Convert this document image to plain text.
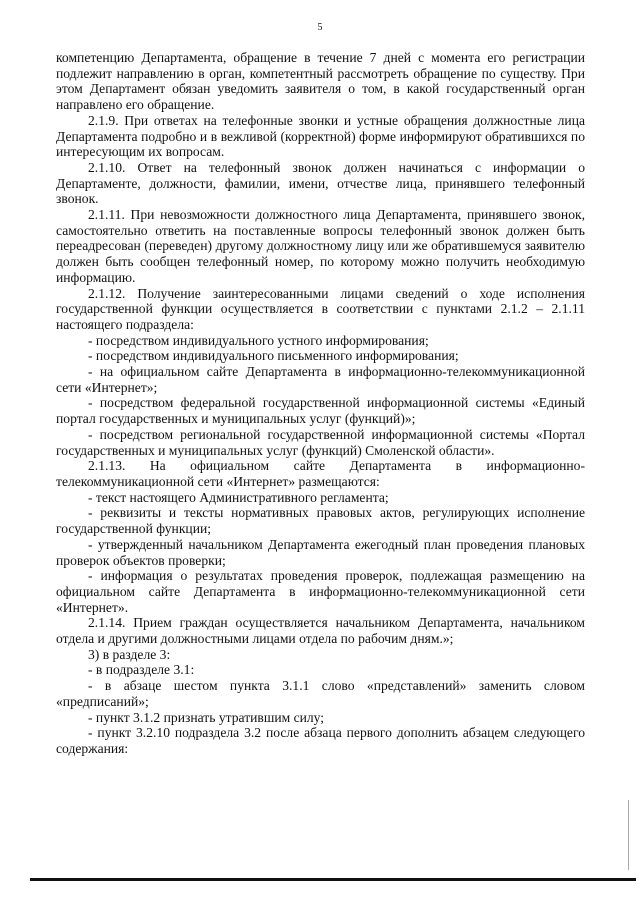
5

компетенцию Департамента, обращение в течение 7 дней с момента его регистрации подлежит направлению в орган, компетентный рассмотреть обращение по существу. При этом Департамент обязан уведомить заявителя о том, в какой государственный орган направлено его обращение.

2.1.9. При ответах на телефонные звонки и устные обращения должностные лица Департамента подробно и в вежливой (корректной) форме информируют обратившихся по интересующим их вопросам.

2.1.10. Ответ на телефонный звонок должен начинаться с информации о Департаменте, должности, фамилии, имени, отчестве лица, принявшего телефонный звонок.

2.1.11. При невозможности должностного лица Департамента, принявшего звонок, самостоятельно ответить на поставленные вопросы телефонный звонок должен быть переадресован (переведен) другому должностному лицу или же обратившемуся заявителю должен быть сообщен телефонный номер, по которому можно получить необходимую информацию.

2.1.12. Получение заинтересованными лицами сведений о ходе исполнения государственной функции осуществляется в соответствии с пунктами 2.1.2 – 2.1.11 настоящего подраздела:

- посредством индивидуального устного информирования;

- посредством индивидуального письменного информирования;

- на официальном сайте Департамента в информационно-телекоммуникационной сети «Интернет»;

- посредством федеральной государственной информационной системы «Единый портал государственных и муниципальных услуг (функций)»;

- посредством региональной государственной информационной системы «Портал государственных и муниципальных услуг (функций) Смоленской области».

2.1.13. На официальном сайте Департамента в информационно-телекоммуникационной сети «Интернет» размещаются:

- текст настоящего Административного регламента;

- реквизиты и тексты нормативных правовых актов, регулирующих исполнение государственной функции;

- утвержденный начальником Департамента ежегодный план проведения плановых проверок объектов проверки;

- информация о результатах проведения проверок, подлежащая размещению на официальном сайте Департамента в информационно-телекоммуникационной сети «Интернет».

2.1.14. Прием граждан осуществляется начальником Департамента, начальником отдела и другими должностными лицами отдела по рабочим дням.»;

3) в разделе 3:

- в подразделе 3.1:

- в абзаце шестом пункта 3.1.1 слово «представлений» заменить словом «предписаний»;

- пункт 3.1.2 признать утратившим силу;

- пункт 3.2.10 подраздела 3.2 после абзаца первого дополнить абзацем следующего содержания:
